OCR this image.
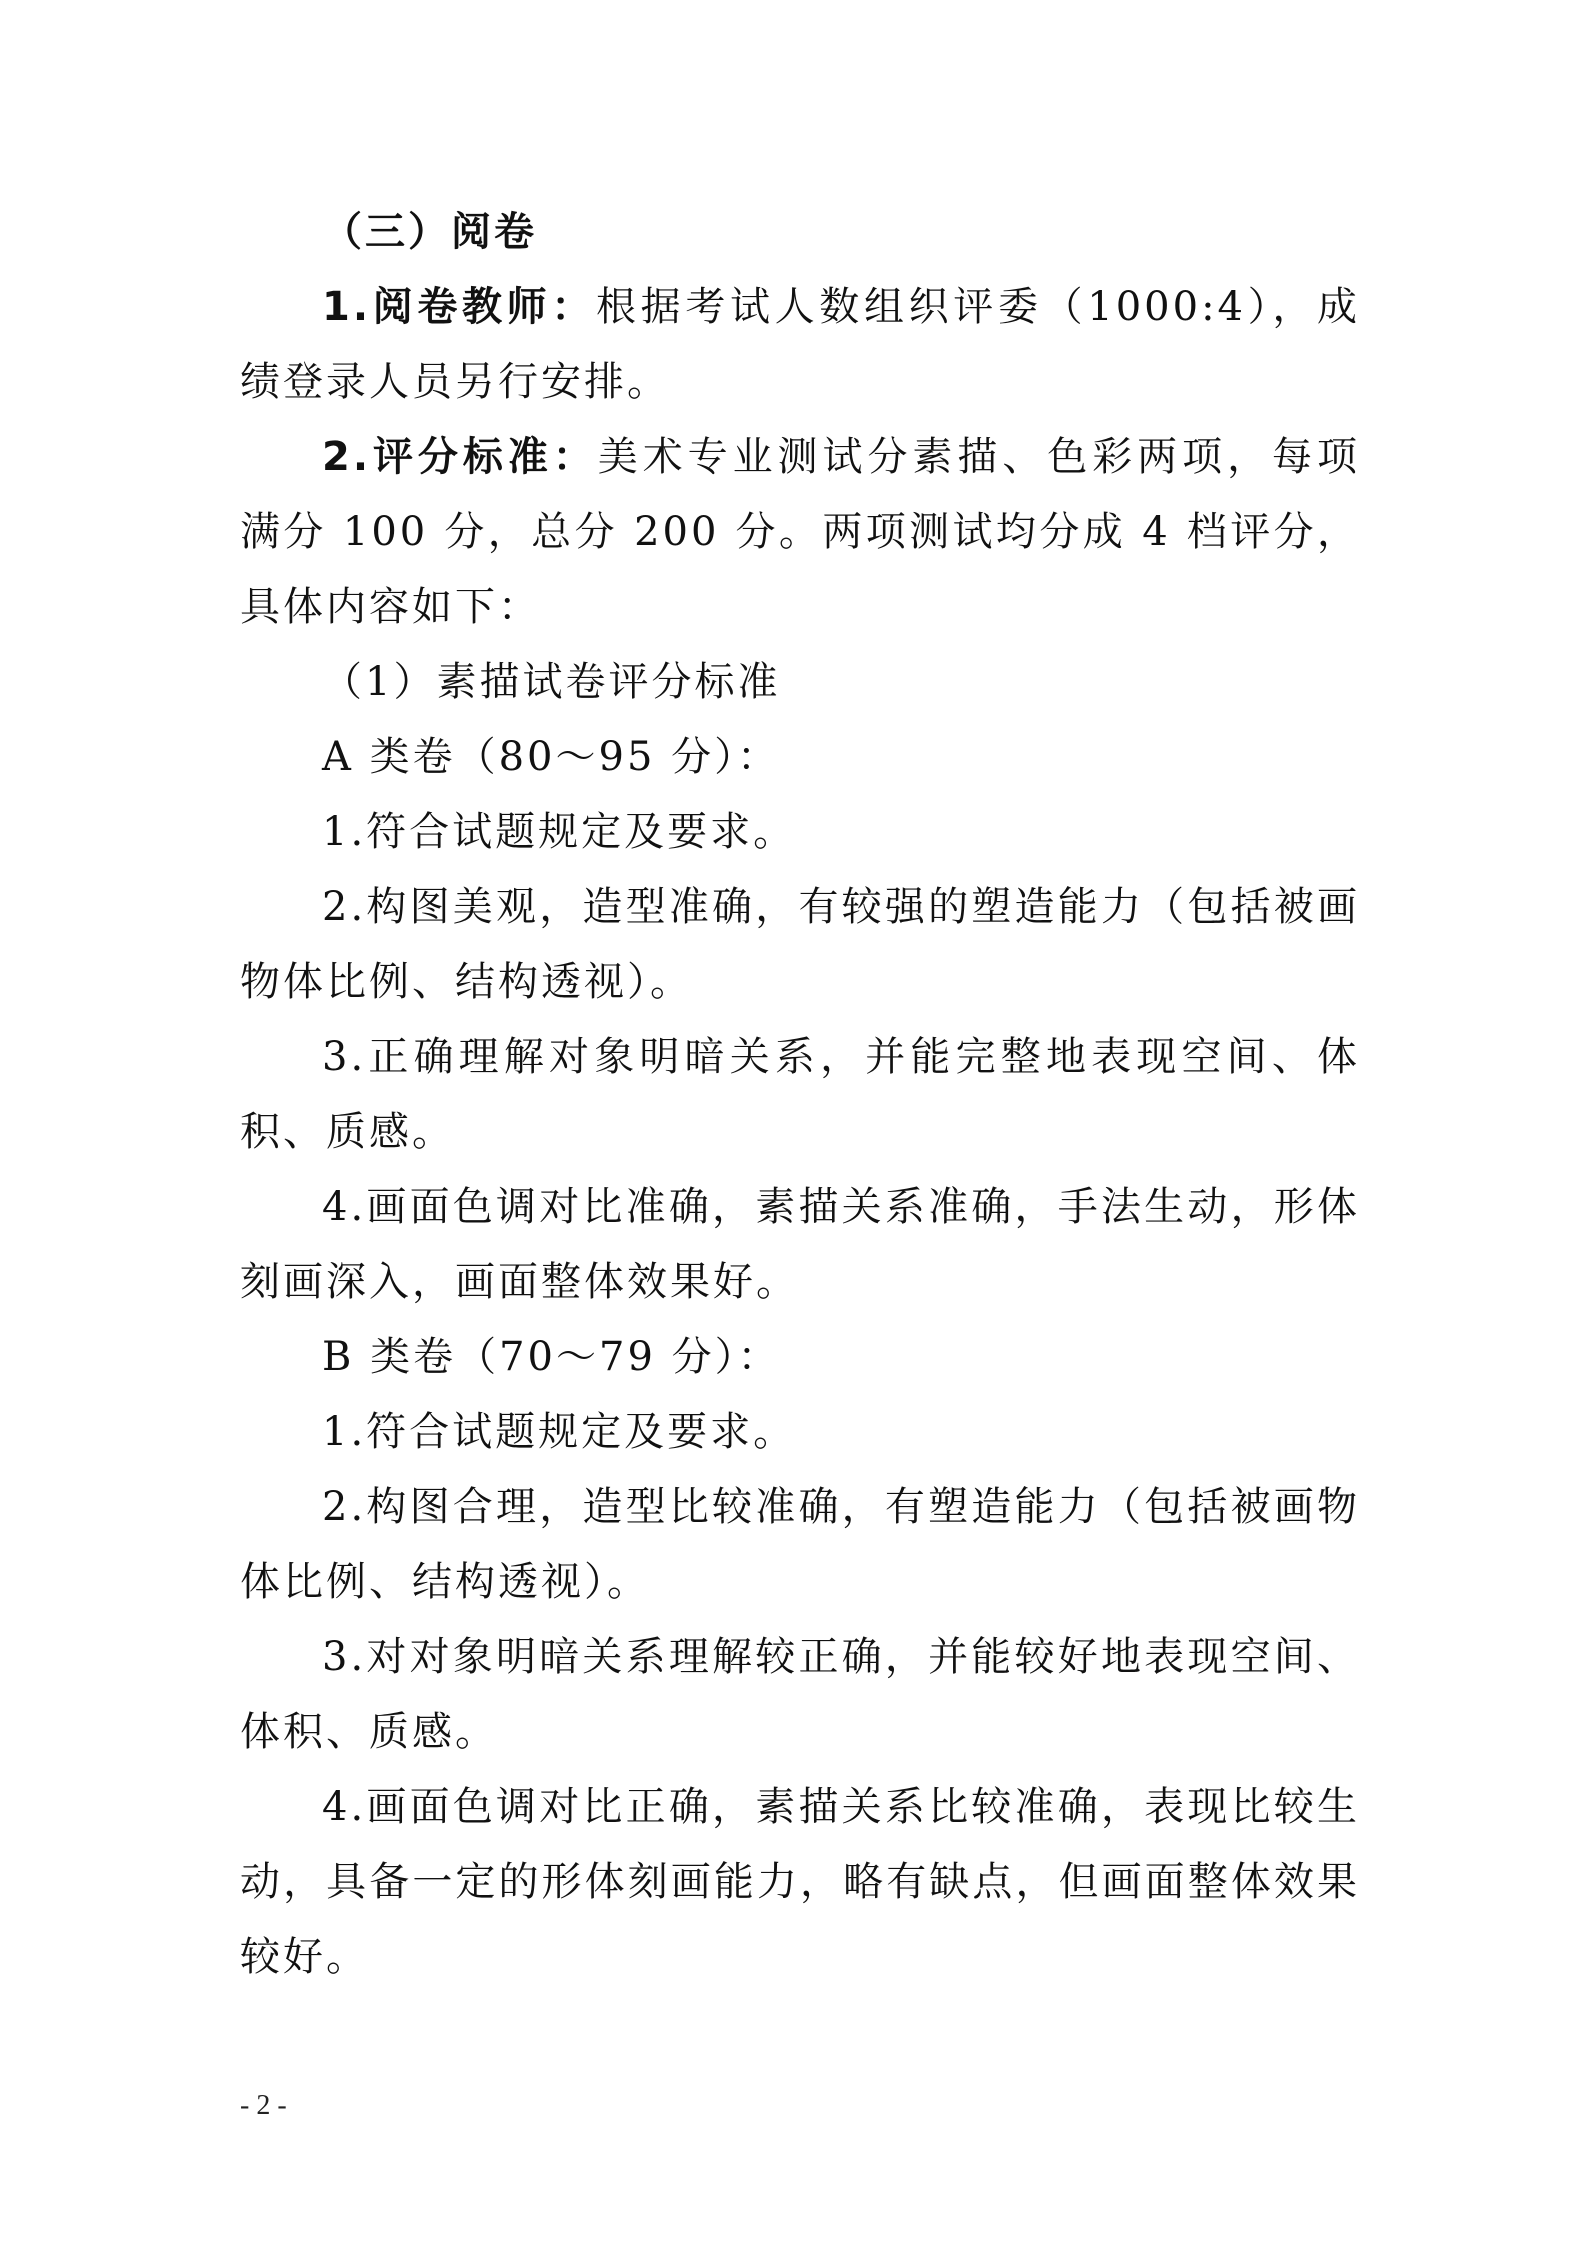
（三）阅卷

1.阅卷教师：根据考试人数组织评委（1000:4），成绩登录人员另行安排。

2.评分标准：美术专业测试分素描、色彩两项，每项满分 100 分，总分 200 分。两项测试均分成 4 档评分，具体内容如下：

（1）素描试卷评分标准

A 类卷（80～95 分）：

1.符合试题规定及要求。

2.构图美观，造型准确，有较强的塑造能力（包括被画物体比例、结构透视）。

3.正确理解对象明暗关系，并能完整地表现空间、体积、质感。

4.画面色调对比准确，素描关系准确，手法生动，形体刻画深入，画面整体效果好。

B 类卷（70～79 分）：

1.符合试题规定及要求。

2.构图合理，造型比较准确，有塑造能力（包括被画物体比例、结构透视）。

3.对对象明暗关系理解较正确，并能较好地表现空间、体积、质感。

4.画面色调对比正确，素描关系比较准确，表现比较生动，具备一定的形体刻画能力，略有缺点，但画面整体效果较好。

- 2 -
